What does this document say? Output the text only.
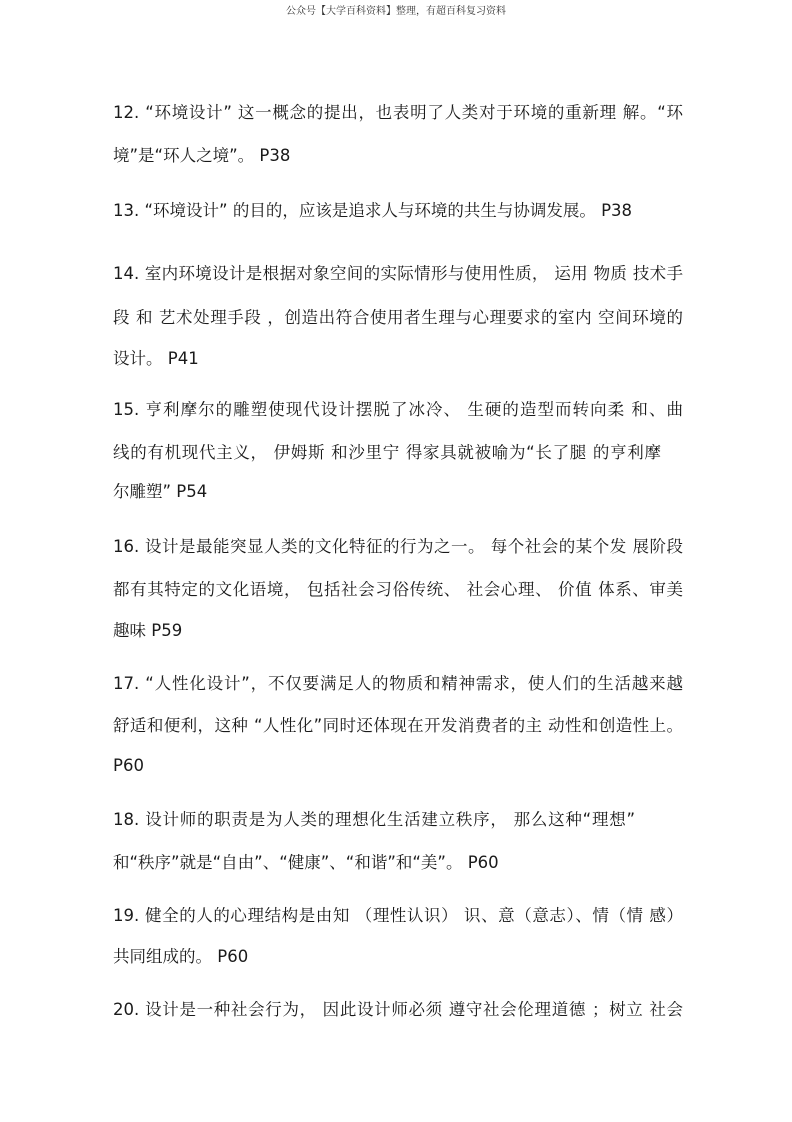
公众号【大学百科资料】整理，有超百科复习资料
12. “环境设计” 这一概念的提出，也表明了人类对于环境的重新理 解。“环
境”是“环人之境”。 P38
13. “环境设计” 的目的，应该是追求人与环境的共生与协调发展。 P38
14. 室内环境设计是根据对象空间的实际情形与使用性质， 运用 物质 技术手
段 和 艺术处理手段 ，创造出符合使用者生理与心理要求的室内 空间环境的
设计。 P41
15. 亨利摩尔的雕塑使现代设计摆脱了冰冷、 生硬的造型而转向柔 和、曲
线的有机现代主义， 伊姆斯 和沙里宁 得家具就被喻为“长了腿 的亨利摩
尔雕塑” P54
16. 设计是最能突显人类的文化特征的行为之一。 每个社会的某个发 展阶段
都有其特定的文化语境， 包括社会习俗传统、 社会心理、 价值 体系、审美
趣味 P59
17. “人性化设计”，不仅要满足人的物质和精神需求，使人们的生活越来越
舒适和便利，这种 “人性化”同时还体现在开发消费者的主 动性和创造性上。
P60
18. 设计师的职责是为人类的理想化生活建立秩序， 那么这种“理想”
和“秩序”就是“自由”、“健康”、“和谐”和“美”。 P60
19. 健全的人的心理结构是由知 （理性认识） 识、意（意志）、情（情 感）
共同组成的。 P60
20. 设计是一种社会行为， 因此设计师必须 遵守社会伦理道德 ；树立 社会
